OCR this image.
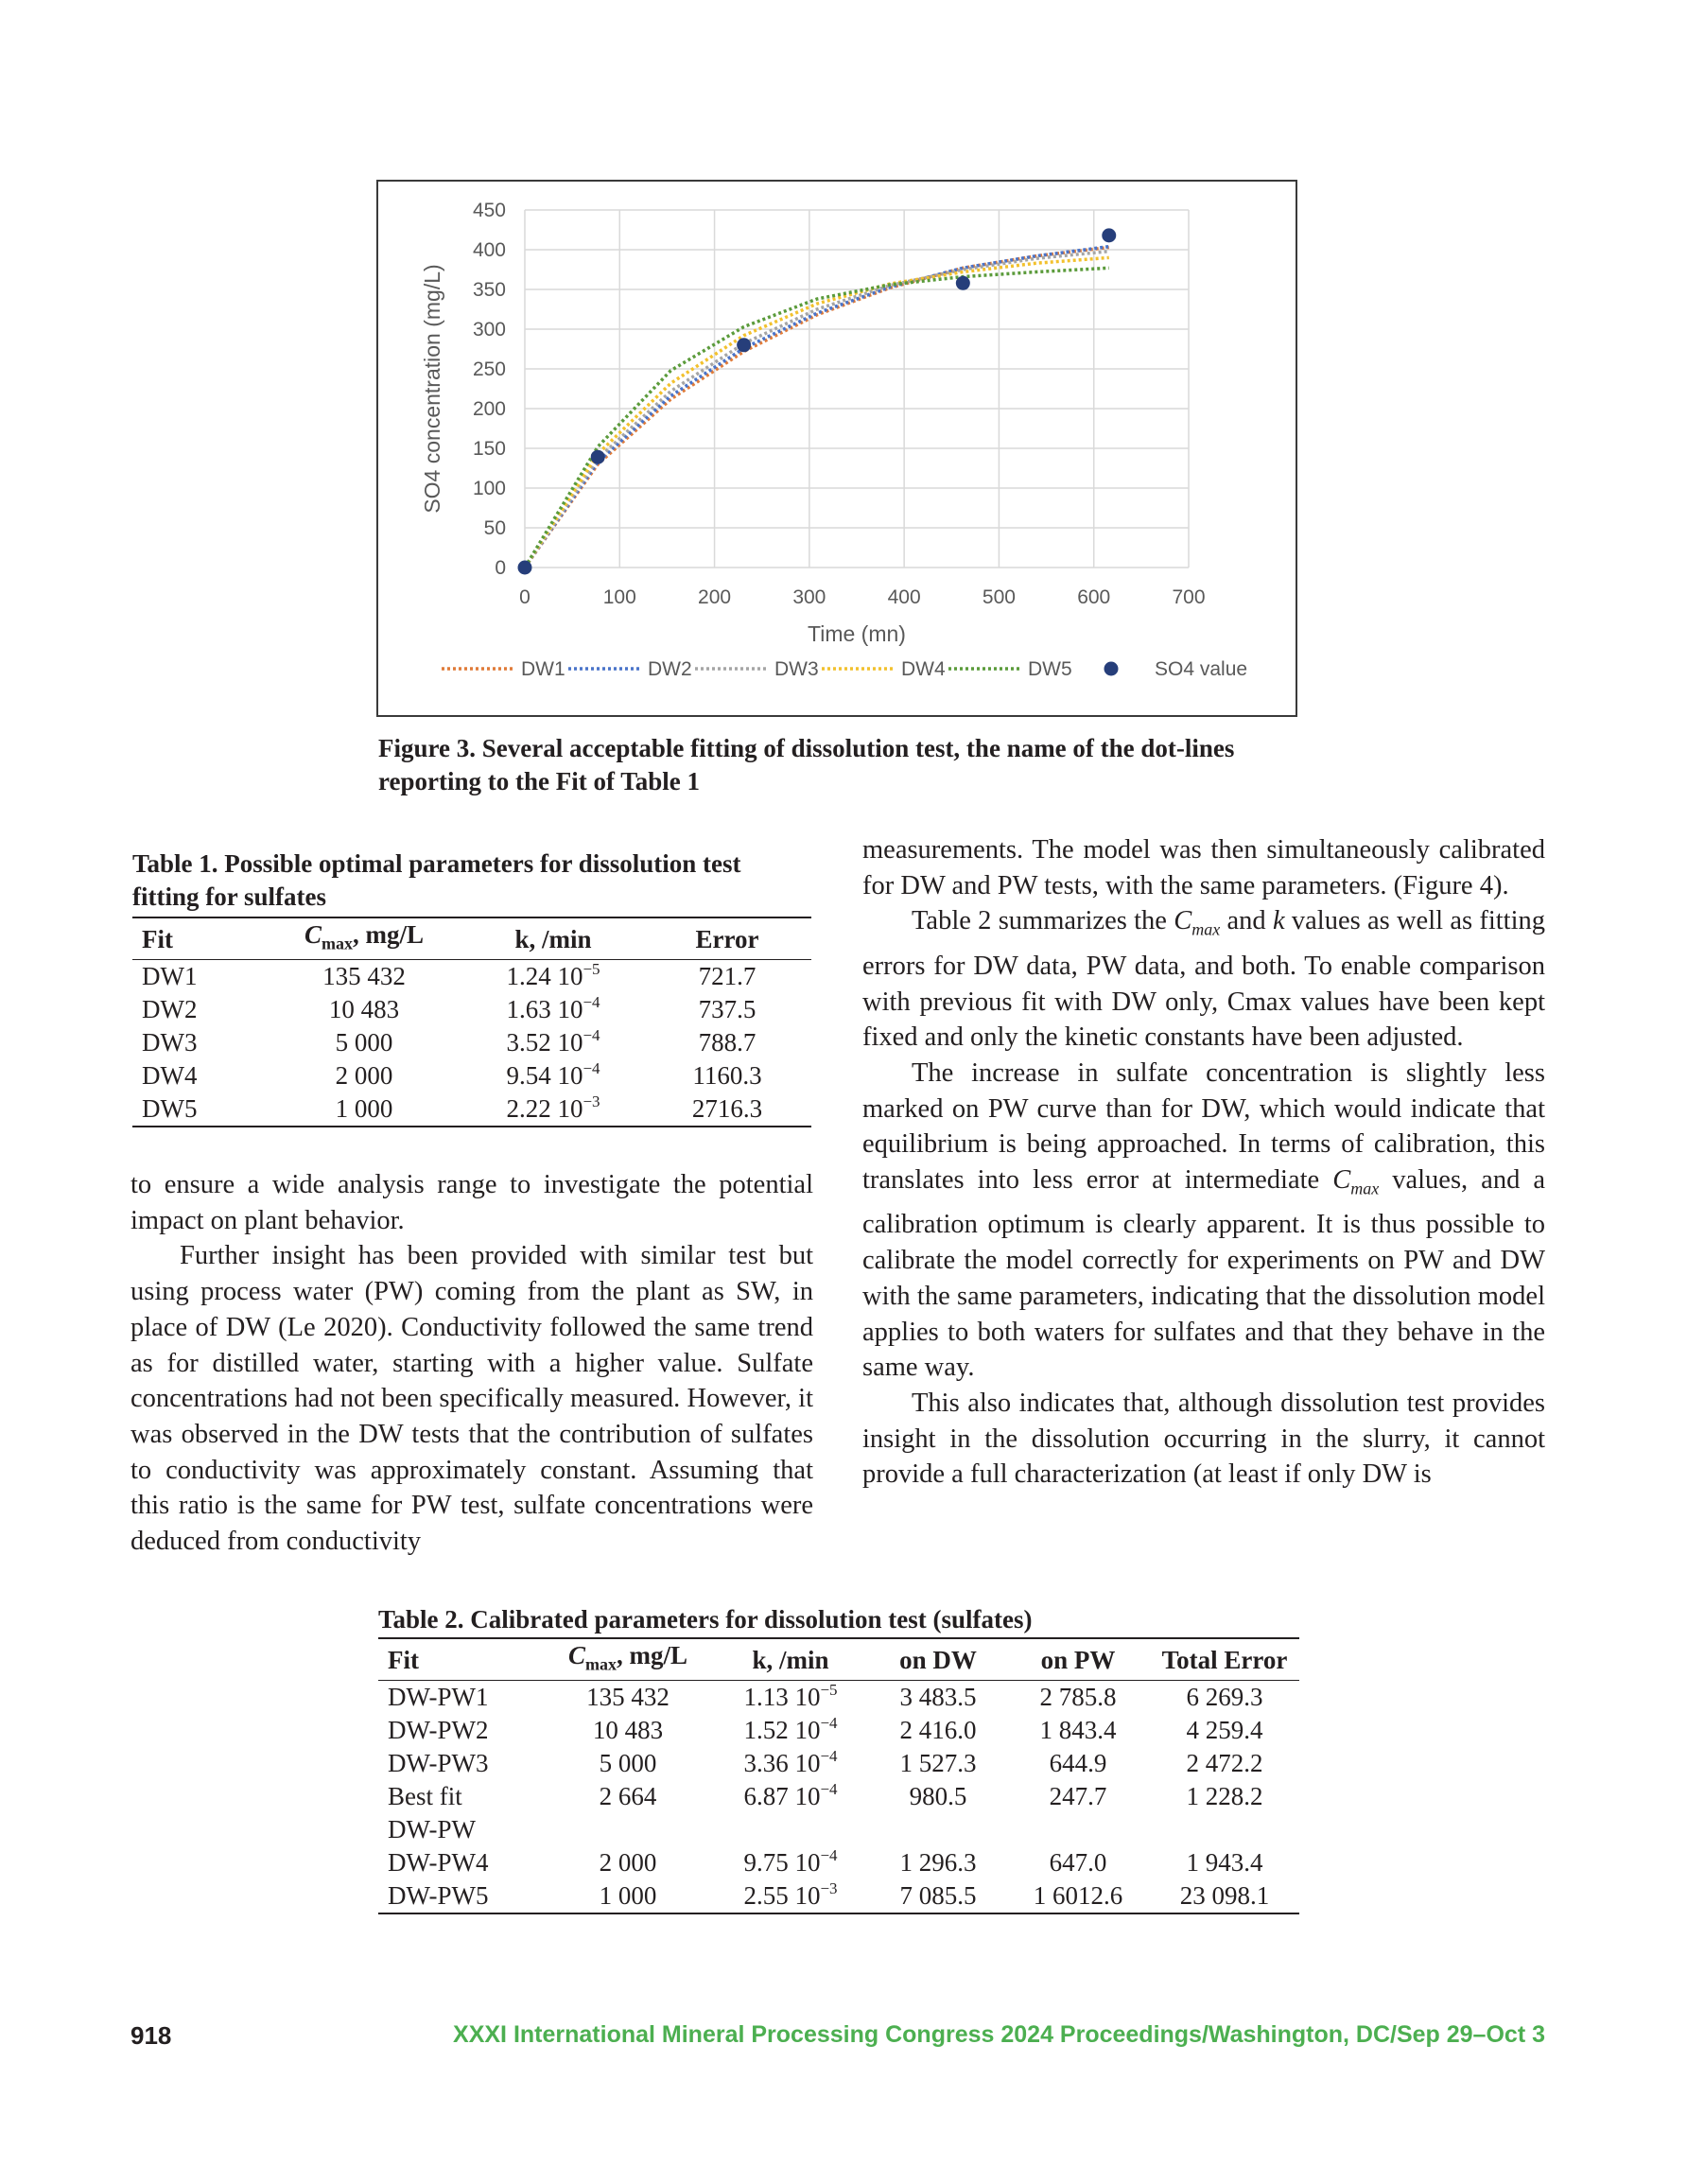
0	100	200	300	400	500	600	700
0
50
100
150
200
250
300
350
400
450
Time (mn)
SO4 concentration (mg/L)
DW1	DW2	DW3	DW4	DW5	SO4 value
Figure 3. Several acceptable fitting of dissolution test, the name of the dot-lines reporting to the Fit of Table 1
Table 1. Possible optimal parameters for dissolution test fitting for sulfates
Fit	$C_{max}$, mg/L	k, /min	Error
DW1	135 432	1.24 $10^{-5}$	721.7
DW2	10 483	1.63 $10^{-4}$	737.5
DW3	5 000	3.52 $10^{-4}$	788.7
DW4	2 000	9.54 $10^{-4}$	1160.3
DW5	1 000	2.22 $10^{-3}$	2716.3

to ensure a wide analysis range to investigate the potential impact on plant behavior.

Further insight has been provided with similar test but using process water (PW) coming from the plant as SW, in place of DW (Le 2020). Conductivity followed the same trend as for distilled water, starting with a higher value. Sulfate concentrations had not been specifically measured. However, it was observed in the DW tests that the contribution of sulfates to conductivity was approximately constant. Assuming that this ratio is the same for PW test, sulfate concentrations were deduced from conductivity

measurements. The model was then simultaneously calibrated for DW and PW tests, with the same parameters. (Figure 4).

Table 2 summarizes the $C_{max}$ and k values as well as fitting errors for DW data, PW data, and both. To enable comparison with previous fit with DW only, Cmax values have been kept fixed and only the kinetic constants have been adjusted.

The increase in sulfate concentration is slightly less marked on PW curve than for DW, which would indicate that equilibrium is being approached. In terms of calibration, this translates into less error at intermediate $C_{max}$ values, and a calibration optimum is clearly apparent. It is thus possible to calibrate the model correctly for experiments on PW and DW with the same parameters, indicating that the dissolution model applies to both waters for sulfates and that they behave in the same way.

This also indicates that, although dissolution test provides insight in the dissolution occurring in the slurry, it cannot provide a full characterization (at least if only DW is

Table 2. Calibrated parameters for dissolution test (sulfates)
Fit	$C_{max}$, mg/L	k, /min	on DW	on PW	Total Error
DW-PW1	135 432	1.13 $10^{-5}$	3 483.5	2 785.8	6 269.3
DW-PW2	10 483	1.52 $10^{-4}$	2 416.0	1 843.4	4 259.4
DW-PW3	5 000	3.36 $10^{-4}$	1 527.3	644.9	2 472.2
Best fit	2 664	6.87 $10^{-4}$	980.5	247.7	1 228.2
DW-PW					
DW-PW4	2 000	9.75 $10^{-4}$	1 296.3	647.0	1 943.4
DW-PW5	1 000	2.55 $10^{-3}$	7 085.5	1 6012.6	23 098.1
918	XXXI International Mineral Processing Congress 2024 Proceedings/Washington, DC/Sep 29–Oct 3
